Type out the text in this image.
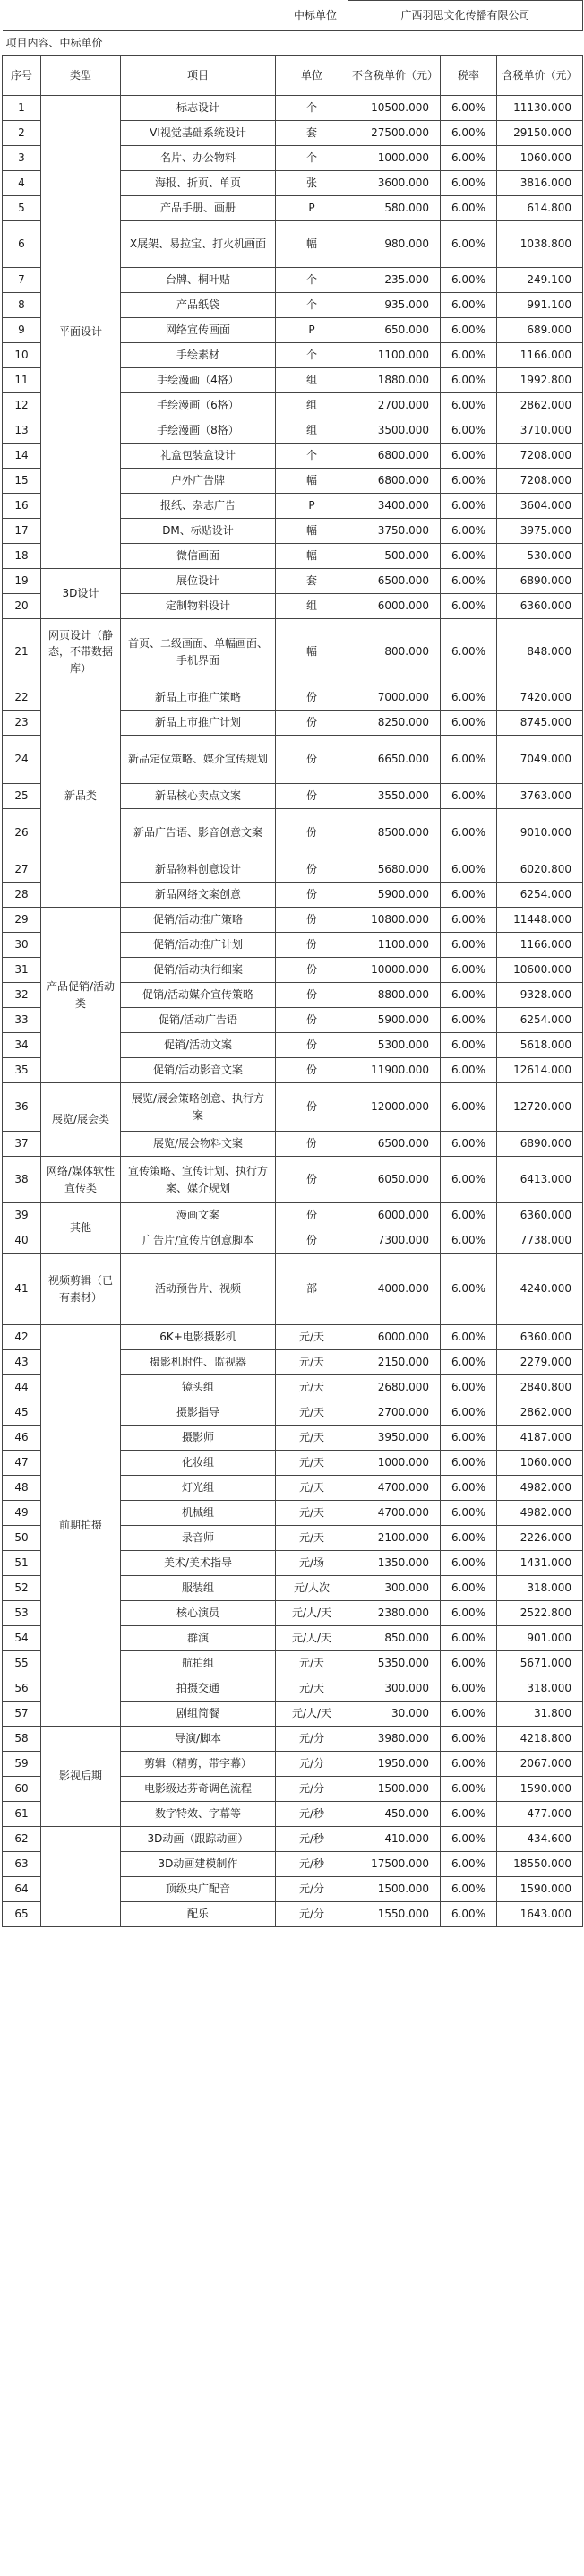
中标单位				广西羽思文化传播有限公司		
项目内容、中标单价						
序号	类型	项目	单位	不含税单价（元）	税率	含税单价（元）
1	平面设计	标志设计	个	10500.000	6.00%	11130.000
2		VI视觉基础系统设计	套	27500.000	6.00%	29150.000
3		名片、办公物料	个	1000.000	6.00%	1060.000
4		海报、折页、单页	张	3600.000	6.00%	3816.000
5		产品手册、画册	P	580.000	6.00%	614.800
6		X展架、易拉宝、打火机画面	幅	980.000	6.00%	1038.800
7		台牌、桐叶贴	个	235.000	6.00%	249.100
8		产品纸袋	个	935.000	6.00%	991.100
9		网络宣传画面	P	650.000	6.00%	689.000
10		手绘素材	个	1100.000	6.00%	1166.000
11		手绘漫画（4格）	组	1880.000	6.00%	1992.800
12		手绘漫画（6格）	组	2700.000	6.00%	2862.000
13		手绘漫画（8格）	组	3500.000	6.00%	3710.000
14		礼盒包装盒设计	个	6800.000	6.00%	7208.000
15		户外广告牌	幅	6800.000	6.00%	7208.000
16		报纸、杂志广告	P	3400.000	6.00%	3604.000
17		DM、标贴设计	幅	3750.000	6.00%	3975.000
18		微信画面	幅	500.000	6.00%	530.000
19	3D设计	展位设计	套	6500.000	6.00%	6890.000
20		定制物料设计	组	6000.000	6.00%	6360.000
21	网页设计（静态，不带数据库）	首页、二级画面、单幅画面、手机界面	幅	800.000	6.00%	848.000
22	新品类	新品上市推广策略	份	7000.000	6.00%	7420.000
23		新品上市推广计划	份	8250.000	6.00%	8745.000
24		新品定位策略、媒介宣传规划	份	6650.000	6.00%	7049.000
25		新品核心卖点文案	份	3550.000	6.00%	3763.000
26		新品广告语、影音创意文案	份	8500.000	6.00%	9010.000
27		新品物料创意设计	份	5680.000	6.00%	6020.800
28		新品网络文案创意	份	5900.000	6.00%	6254.000
29	产品促销/活动类	促销/活动推广策略	份	10800.000	6.00%	11448.000
30		促销/活动推广计划	份	1100.000	6.00%	1166.000
31		促销/活动执行细案	份	10000.000	6.00%	10600.000
32		促销/活动媒介宣传策略	份	8800.000	6.00%	9328.000
33		促销/活动广告语	份	5900.000	6.00%	6254.000
34		促销/活动文案	份	5300.000	6.00%	5618.000
35		促销/活动影音文案	份	11900.000	6.00%	12614.000
36	展览/展会类	展览/展会策略创意、执行方案	份	12000.000	6.00%	12720.000
37		展览/展会物料文案	份	6500.000	6.00%	6890.000
38	网络/媒体软性宣传类	宣传策略、宣传计划、执行方案、媒介规划	份	6050.000	6.00%	6413.000
39	其他	漫画文案	份	6000.000	6.00%	6360.000
40		广告片/宣传片创意脚本	份	7300.000	6.00%	7738.000
41	视频剪辑（已有素材）	活动预告片、视频	部	4000.000	6.00%	4240.000
42	前期拍摄	6K+电影摄影机	元/天	6000.000	6.00%	6360.000
43		摄影机附件、监视器	元/天	2150.000	6.00%	2279.000
44		镜头组	元/天	2680.000	6.00%	2840.800
45		摄影指导	元/天	2700.000	6.00%	2862.000
46		摄影师	元/天	3950.000	6.00%	4187.000
47		化妆组	元/天	1000.000	6.00%	1060.000
48		灯光组	元/天	4700.000	6.00%	4982.000
49		机械组	元/天	4700.000	6.00%	4982.000
50		录音师	元/天	2100.000	6.00%	2226.000
51		美术/美术指导	元/场	1350.000	6.00%	1431.000
52		服装组	元/人次	300.000	6.00%	318.000
53		核心演员	元/人/天	2380.000	6.00%	2522.800
54		群演	元/人/天	850.000	6.00%	901.000
55		航拍组	元/天	5350.000	6.00%	5671.000
56		拍摄交通	元/天	300.000	6.00%	318.000
57		剧组简餐	元/人/天	30.000	6.00%	31.800
58	影视后期	导演/脚本	元/分	3980.000	6.00%	4218.800
59		剪辑（精剪，带字幕）	元/分	1950.000	6.00%	2067.000
60		电影级达芬奇调色流程	元/分	1500.000	6.00%	1590.000
61		数字特效、字幕等	元/秒	450.000	6.00%	477.000
62		3D动画（跟踪动画）	元/秒	410.000	6.00%	434.600
63		3D动画建模制作	元/秒	17500.000	6.00%	18550.000
64		顶级央广配音	元/分	1500.000	6.00%	1590.000
65		配乐	元/分	1550.000	6.00%	1643.000
